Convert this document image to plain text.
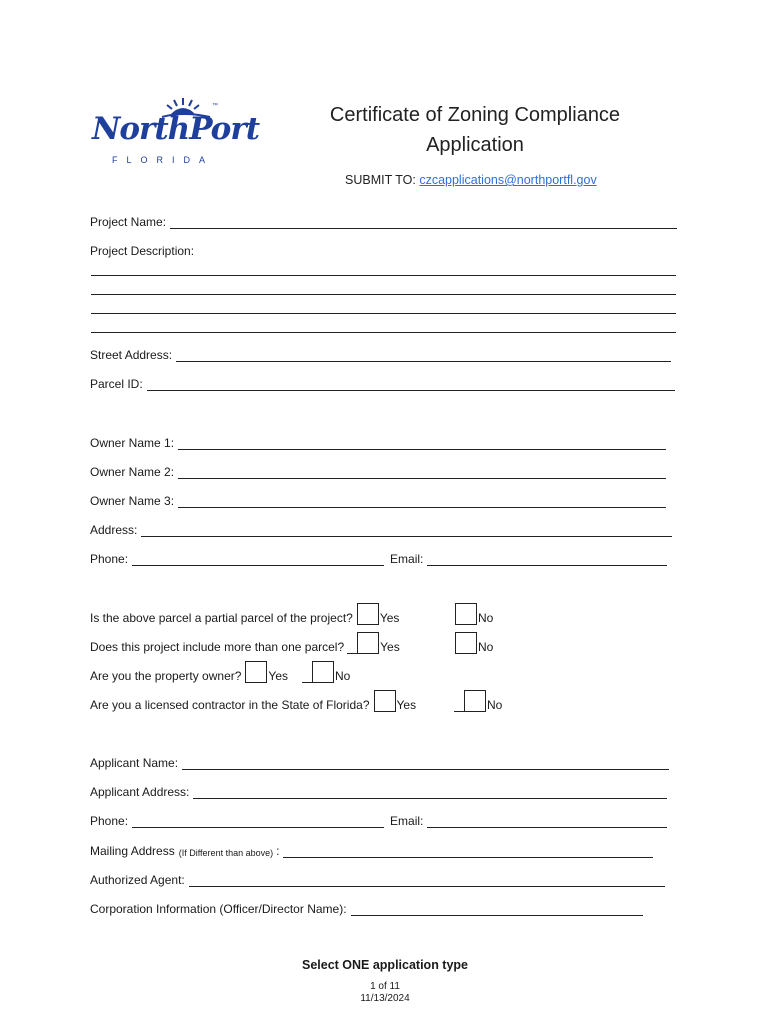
NorthPort
™
FLORIDA
Certificate of Zoning Compliance
Application
SUBMIT TO: czcapplications@northportfl.gov
Project Name:
Project Description:
Street Address:
Parcel ID:
Owner Name 1:
Owner Name 2:
Owner Name 3:
Address:
Phone:	Email:
Is the above parcel a partial parcel of the project? Yes	No
Does this project include more than one parcel?	Yes	No
Are you the property owner? Yes	No
Are you a licensed contractor in the State of Florida? Yes	No
Applicant Name:
Applicant Address:
Phone:	Email:
Mailing Address (If Different than above) :
Authorized Agent:
Corporation Information (Officer/Director Name):
Select ONE application type
1 of 11
11/13/2024
